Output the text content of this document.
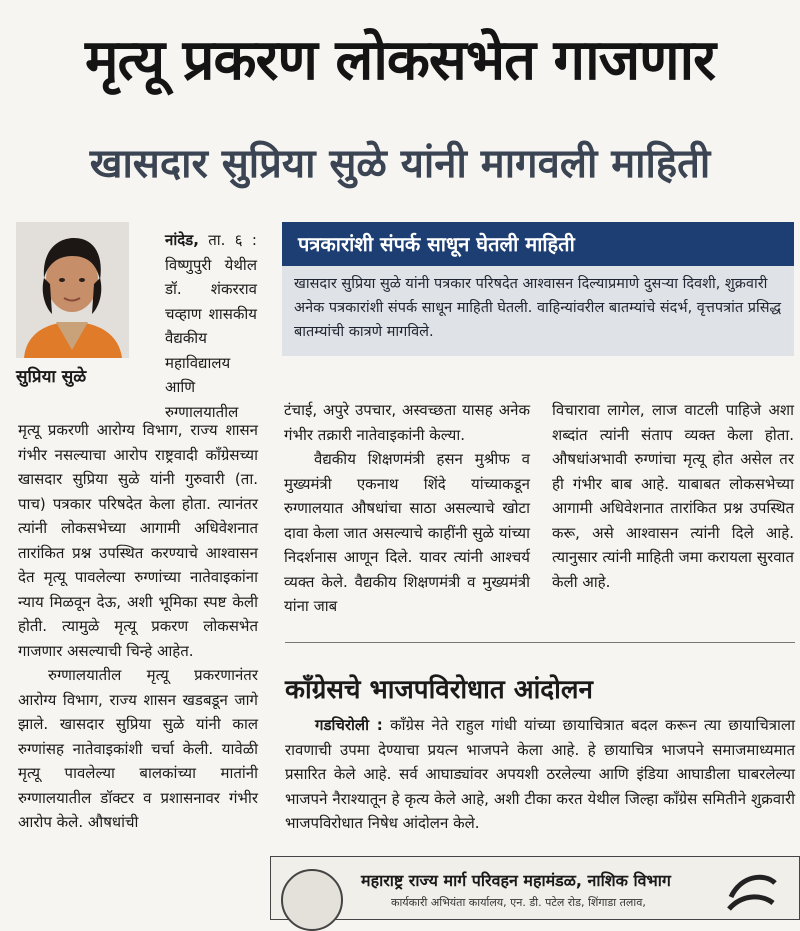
मृत्यू प्रकरण लोकसभेत गाजणार
खासदार सुप्रिया सुळे यांनी मागवली माहिती
सुप्रिया सुळे

नांदेड, ता. ६ : विष्णुपुरी येथील डॉ. शंकरराव चव्हाण शासकीय वैद्यकीय महाविद्यालय आणि रुग्णालयातील

मृत्यू प्रकरणी आरोग्य विभाग, राज्य शासन गंभीर नसल्याचा आरोप राष्ट्रवादी काँग्रेसच्या खासदार सुप्रिया सुळे यांनी गुरुवारी (ता. पाच) पत्रकार परिषदेत केला होता. त्यानंतर त्यांनी लोकसभेच्या आगामी अधिवेशनात तारांकित प्रश्न उपस्थित करण्याचे आश्वासन देत मृत्यू पावलेल्या रुग्णांच्या नातेवाइकांना न्याय मिळवून देऊ, अशी भूमिका स्पष्ट केली होती. त्यामुळे मृत्यू प्रकरण लोकसभेत गाजणार असल्याची चिन्हे आहेत.

रुग्णालयातील मृत्यू प्रकरणानंतर आरोग्य विभाग, राज्य शासन खडबडून जागे झाले. खासदार सुप्रिया सुळे यांनी काल रुग्णांसह नातेवाइकांशी चर्चा केली. यावेळी मृत्यू पावलेल्या बालकांच्या मातांनी रुग्णालयातील डॉक्टर व प्रशासनावर गंभीर आरोप केले. औषधांची

पत्रकारांशी संपर्क साधून घेतली माहिती
खासदार सुप्रिया सुळे यांनी पत्रकार परिषदेत आश्वासन दिल्याप्रमाणे दुसऱ्या दिवशी, शुक्रवारी अनेक पत्रकारांशी संपर्क साधून माहिती घेतली. वाहिन्यांवरील बातम्यांचे संदर्भ, वृत्तपत्रांत प्रसिद्ध बातम्यांची कात्रणे मागविले.

टंचाई, अपुरे उपचार, अस्वच्छता यासह अनेक गंभीर तक्रारी नातेवाइकांनी केल्या.

वैद्यकीय शिक्षणमंत्री हसन मुश्रीफ व मुख्यमंत्री एकनाथ शिंदे यांच्याकडून रुग्णालयात औषधांचा साठा असल्याचे खोटा दावा केला जात असल्याचे काहींनी सुळे यांच्या निदर्शनास आणून दिले. यावर त्यांनी आश्चर्य व्यक्त केले. वैद्यकीय शिक्षणमंत्री व मुख्यमंत्री यांना जाब

विचारावा लागेल, लाज वाटली पाहिजे अशा शब्दांत त्यांनी संताप व्यक्त केला होता. औषधांअभावी रुग्णांचा मृत्यू होत असेल तर ही गंभीर बाब आहे. याबाबत लोकसभेच्या आगामी अधिवेशनात तारांकित प्रश्न उपस्थित करू, असे आश्वासन त्यांनी दिले आहे. त्यानुसार त्यांनी माहिती जमा करायला सुरवात केली आहे.

काँग्रेसचे भाजपविरोधात आंदोलन

गडचिरोली : काँग्रेस नेते राहुल गांधी यांच्या छायाचित्रात बदल करून त्या छायाचित्राला रावणाची उपमा देण्याचा प्रयत्न भाजपने केला आहे. हे छायाचित्र भाजपने समाजमाध्यमात प्रसारित केले आहे. सर्व आघाड्यांवर अपयशी ठरलेल्या आणि इंडिया आघाडीला घाबरलेल्या भाजपने नैराश्यातून हे कृत्य केले आहे, अशी टीका करत येथील जिल्हा काँग्रेस समितीने शुक्रवारी भाजपविरोधात निषेध आंदोलन केले.

महाराष्ट्र राज्य मार्ग परिवहन महामंडळ, नाशिक विभाग
कार्यकारी अभियंता कार्यालय, एन. डी. पटेल रोड, शिंगाडा तलाव,
